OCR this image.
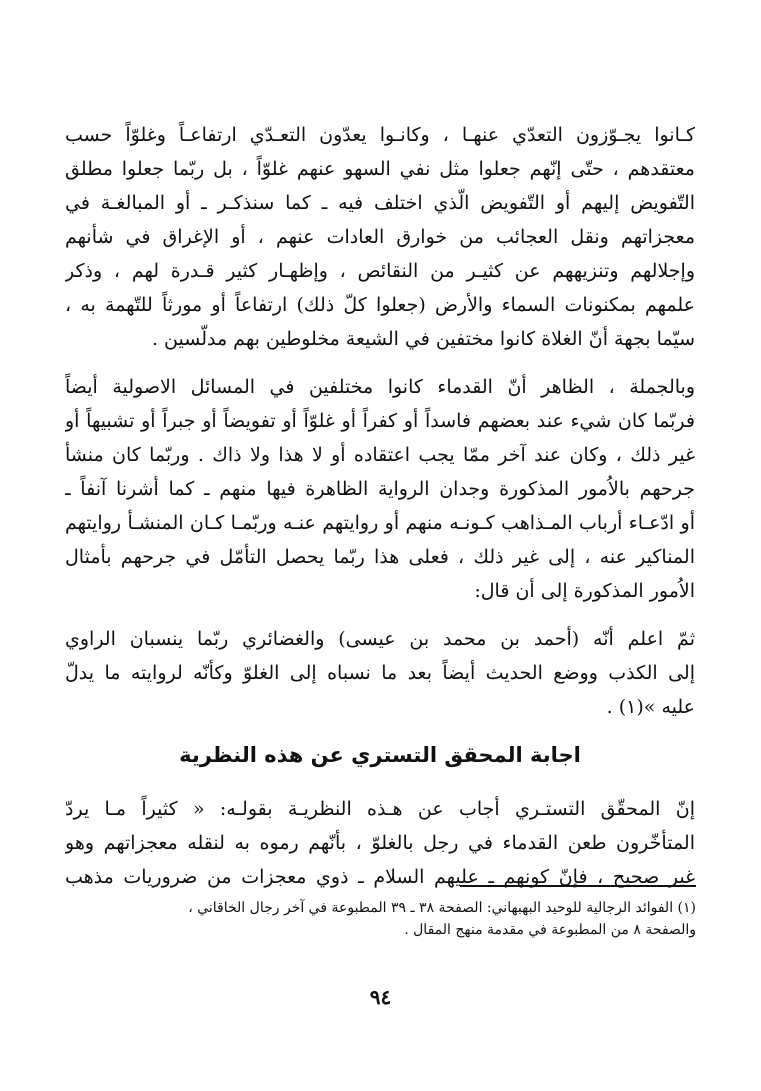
كـانوا يجـوّزون التعدّي عنهـا ، وكانـوا يعدّون التعـدّي ارتفاعـاً وغلوّاً حسب
معتقدهم ، حتّى إنّهم جعلوا مثل نفي السهو عنهم غلوّاً ، بل ربّما جعلوا مطلق
التّفويض إليهم أو التّفويض الّذي اختلف فيه ـ كما سنذكـر ـ أو المبالغـة في
معجزاتهم ونقل العجائب من خوارق العادات عنهم ، أو الإغراق في شأنهم
وإجلالهم وتنزيههم عن كثيـر من النقائص ، وإظهـار كثير قـدرة لهم ، وذكر
علمهم بمكنونات السماء والأرض (جعلوا كلّ ذلك) ارتفاعاً أو مورثاً للتّهمة به ،
سيّما بجهة أنّ الغلاة كانوا مختفين في الشيعة مخلوطين بهم مدلّسين .
وبالجملة ، الظاهر أنّ القدماء كانوا مختلفين في المسائل الاصولية أيضاً
فربّما كان شيء عند بعضهم فاسداً أو كفراً أو غلوّاً أو تفويضاً أو جبراً أو تشبيهاً أو
غير ذلك ، وكان عند آخر ممّا يجب اعتقاده أو لا هذا ولا ذاك . وربّما كان منشأ
جرحهم بالاُمور المذكورة وجدان الرواية الظاهرة فيها منهم ـ كما أشرنا آنفاً ـ
أو ادّعـاء أرباب المـذاهب كـونـه منهم أو روايتهم عنـه وربّمـا كـان المنشـأ روايتهم
المناكير عنه ، إلى غير ذلك ، فعلى هذا ربّما يحصل التأمّل في جرحهم بأمثال
الاُمور المذكورة إلى أن قال:
ثمّ اعلم أنّه (أحمد بن محمد بن عيسى) والغضائري ربّما ينسبان الراوي
إلى الكذب ووضع الحديث أيضاً بعد ما نسباه إلى الغلوّ وكأنّه لروايته ما يدلّ
عليه »(١) .
اجابة المحقق التستري عن هذه النظرية
إنّ المحقّق التستـري أجاب عن هـذه النظريـة بقولـه: « كثيراً مـا يردّ
المتأخّرون طعن القدماء في رجل بالغلوّ ، بأنّهم رموه به لنقله معجزاتهم وهو
غير صحيح ، فإنّ كونهم ـ عليهم السلام ـ ذوي معجزات من ضروريات مذهب
(١) الفوائد الرجالية للوحيد البهبهاني: الصفحة ٣٨ ـ ٣٩ المطبوعة في آخر رجال الخاقاني ،
والصفحة ٨ من المطبوعة في مقدمة منهج المقال .
٩٤
